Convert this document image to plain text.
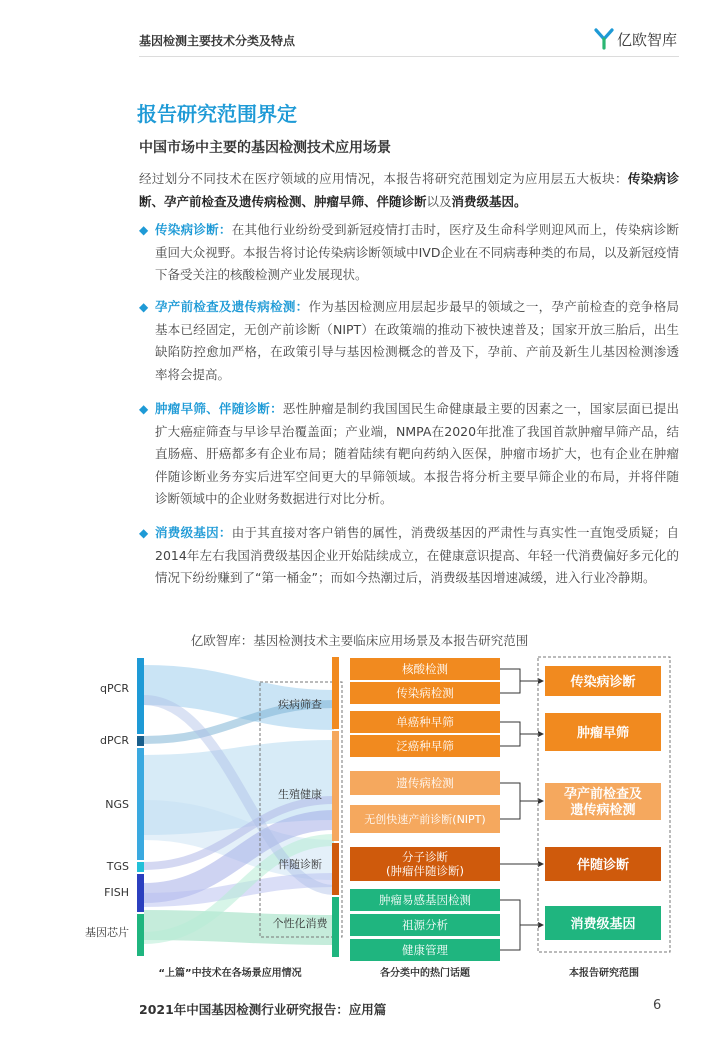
基因检测主要技术分类及特点	亿欧智库
报告研究范围界定
中国市场中主要的基因检测技术应用场景
经过划分不同技术在医疗领域的应用情况，本报告将研究范围划定为应用层五大板块：传染病诊断、孕产前检查及遗传病检测、肿瘤早筛、伴随诊断以及消费级基因。
◆ 传染病诊断：在其他行业纷纷受到新冠疫情打击时，医疗及生命科学则迎风而上，传染病诊断重回大众视野。本报告将讨论传染病诊断领域中IVD企业在不同病毒种类的布局，以及新冠疫情下备受关注的核酸检测产业发展现状。
◆ 孕产前检查及遗传病检测：作为基因检测应用层起步最早的领域之一，孕产前检查的竞争格局基本已经固定，无创产前诊断（NIPT）在政策端的推动下被快速普及；国家开放三胎后，出生缺陷防控愈加严格，在政策引导与基因检测概念的普及下，孕前、产前及新生儿基因检测渗透率将会提高。
◆ 肿瘤早筛、伴随诊断：恶性肿瘤是制约我国国民生命健康最主要的因素之一，国家层面已提出扩大癌症筛查与早诊早治覆盖面；产业端，NMPA在2020年批准了我国首款肿瘤早筛产品，结直肠癌、肝癌都多有企业布局；随着陆续有靶向药纳入医保，肿瘤市场扩大，也有企业在肿瘤伴随诊断业务夯实后进军空间更大的早筛领域。本报告将分析主要早筛企业的布局，并将伴随诊断领域中的企业财务数据进行对比分析。
◆ 消费级基因：由于其直接对客户销售的属性，消费级基因的严肃性与真实性一直饱受质疑；自2014年左右我国消费级基因企业开始陆续成立，在健康意识提高、年轻一代消费偏好多元化的情况下纷纷赚到了“第一桶金”；而如今热潮过后，消费级基因增速减缓，进入行业冷静期。
亿欧智库：基因检测技术主要临床应用场景及本报告研究范围
qPCR
dPCR
NGS
TGS
FISH
基因芯片
疾病筛查
生殖健康
伴随诊断
个性化消费
核酸检测
传染病检测
单癌种早筛
泛癌种早筛
遗传病检测
无创快速产前诊断(NIPT)
分子诊断(肿瘤伴随诊断)
肿瘤易感基因检测
祖源分析
健康管理
传染病诊断
肿瘤早筛
孕产前检查及遗传病检测
伴随诊断
消费级基因
“上篇”中技术在各场景应用情况	各分类中的热门话题	本报告研究范围
2021年中国基因检测行业研究报告：应用篇	6
